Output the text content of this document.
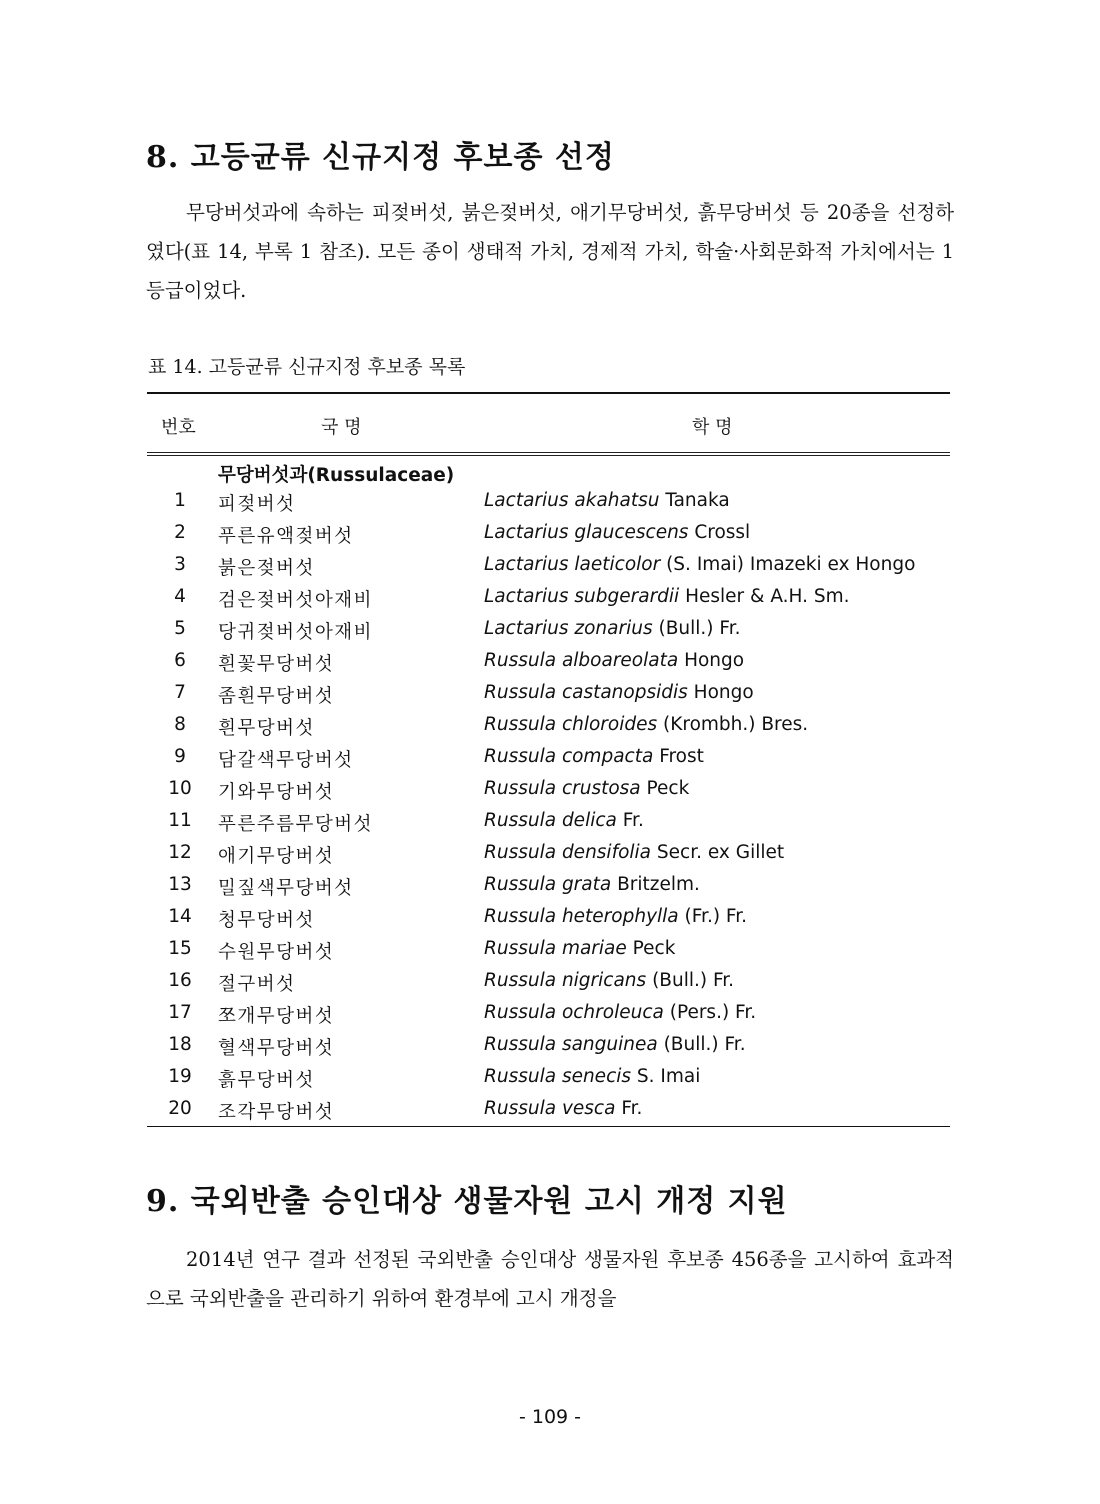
8. 고등균류 신규지정 후보종 선정
무당버섯과에 속하는 피젖버섯, 붉은젖버섯, 애기무당버섯, 흙무당버섯 등 20종을 선정하였다(표 14, 부록 1 참조). 모든 종이 생태적 가치, 경제적 가치, 학술·사회문화적 가치에서는 1등급이었다.
표 14. 고등균류 신규지정 후보종 목록
번호	국 명	학 명
무당버섯과(Russulaceae)
1	피젖버섯	Lactarius akahatsu Tanaka
2	푸른유액젖버섯	Lactarius glaucescens Crossl
3	붉은젖버섯	Lactarius laeticolor (S. Imai) Imazeki ex Hongo
4	검은젖버섯아재비	Lactarius subgerardii Hesler & A.H. Sm.
5	당귀젖버섯아재비	Lactarius zonarius (Bull.) Fr.
6	흰꽃무당버섯	Russula alboareolata Hongo
7	좀흰무당버섯	Russula castanopsidis Hongo
8	흰무당버섯	Russula chloroides (Krombh.) Bres.
9	담갈색무당버섯	Russula compacta Frost
10	기와무당버섯	Russula crustosa Peck
11	푸른주름무당버섯	Russula delica Fr.
12	애기무당버섯	Russula densifolia Secr. ex Gillet
13	밀짚색무당버섯	Russula grata Britzelm.
14	청무당버섯	Russula heterophylla (Fr.) Fr.
15	수원무당버섯	Russula mariae Peck
16	절구버섯	Russula nigricans (Bull.) Fr.
17	쪼개무당버섯	Russula ochroleuca (Pers.) Fr.
18	혈색무당버섯	Russula sanguinea (Bull.) Fr.
19	흙무당버섯	Russula senecis S. Imai
20	조각무당버섯	Russula vesca Fr.
9. 국외반출 승인대상 생물자원 고시 개정 지원
2014년 연구 결과 선정된 국외반출 승인대상 생물자원 후보종 456종을 고시하여 효과적으로 국외반출을 관리하기 위하여 환경부에 고시 개정을
- 109 -
